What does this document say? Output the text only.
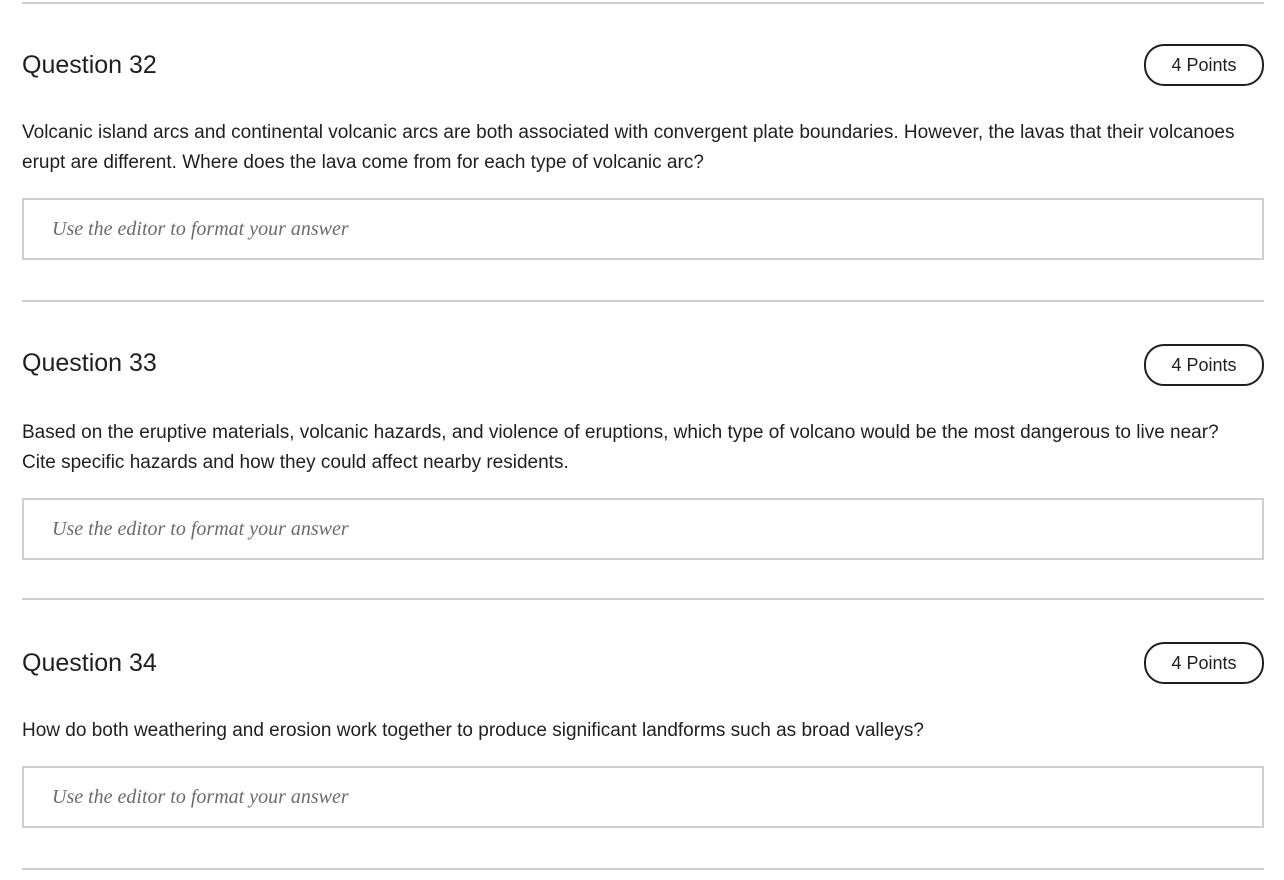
Question 32	4 Points

Volcanic island arcs and continental volcanic arcs are both associated with convergent plate boundaries. However, the lavas that their volcanoes erupt are different. Where does the lava come from for each type of volcanic arc?

Use the editor to format your answer
Question 33	4 Points

Based on the eruptive materials, volcanic hazards, and violence of eruptions, which type of volcano would be the most dangerous to live near? Cite specific hazards and how they could affect nearby residents.

Use the editor to format your answer
Question 34	4 Points

How do both weathering and erosion work together to produce significant landforms such as broad valleys?

Use the editor to format your answer
